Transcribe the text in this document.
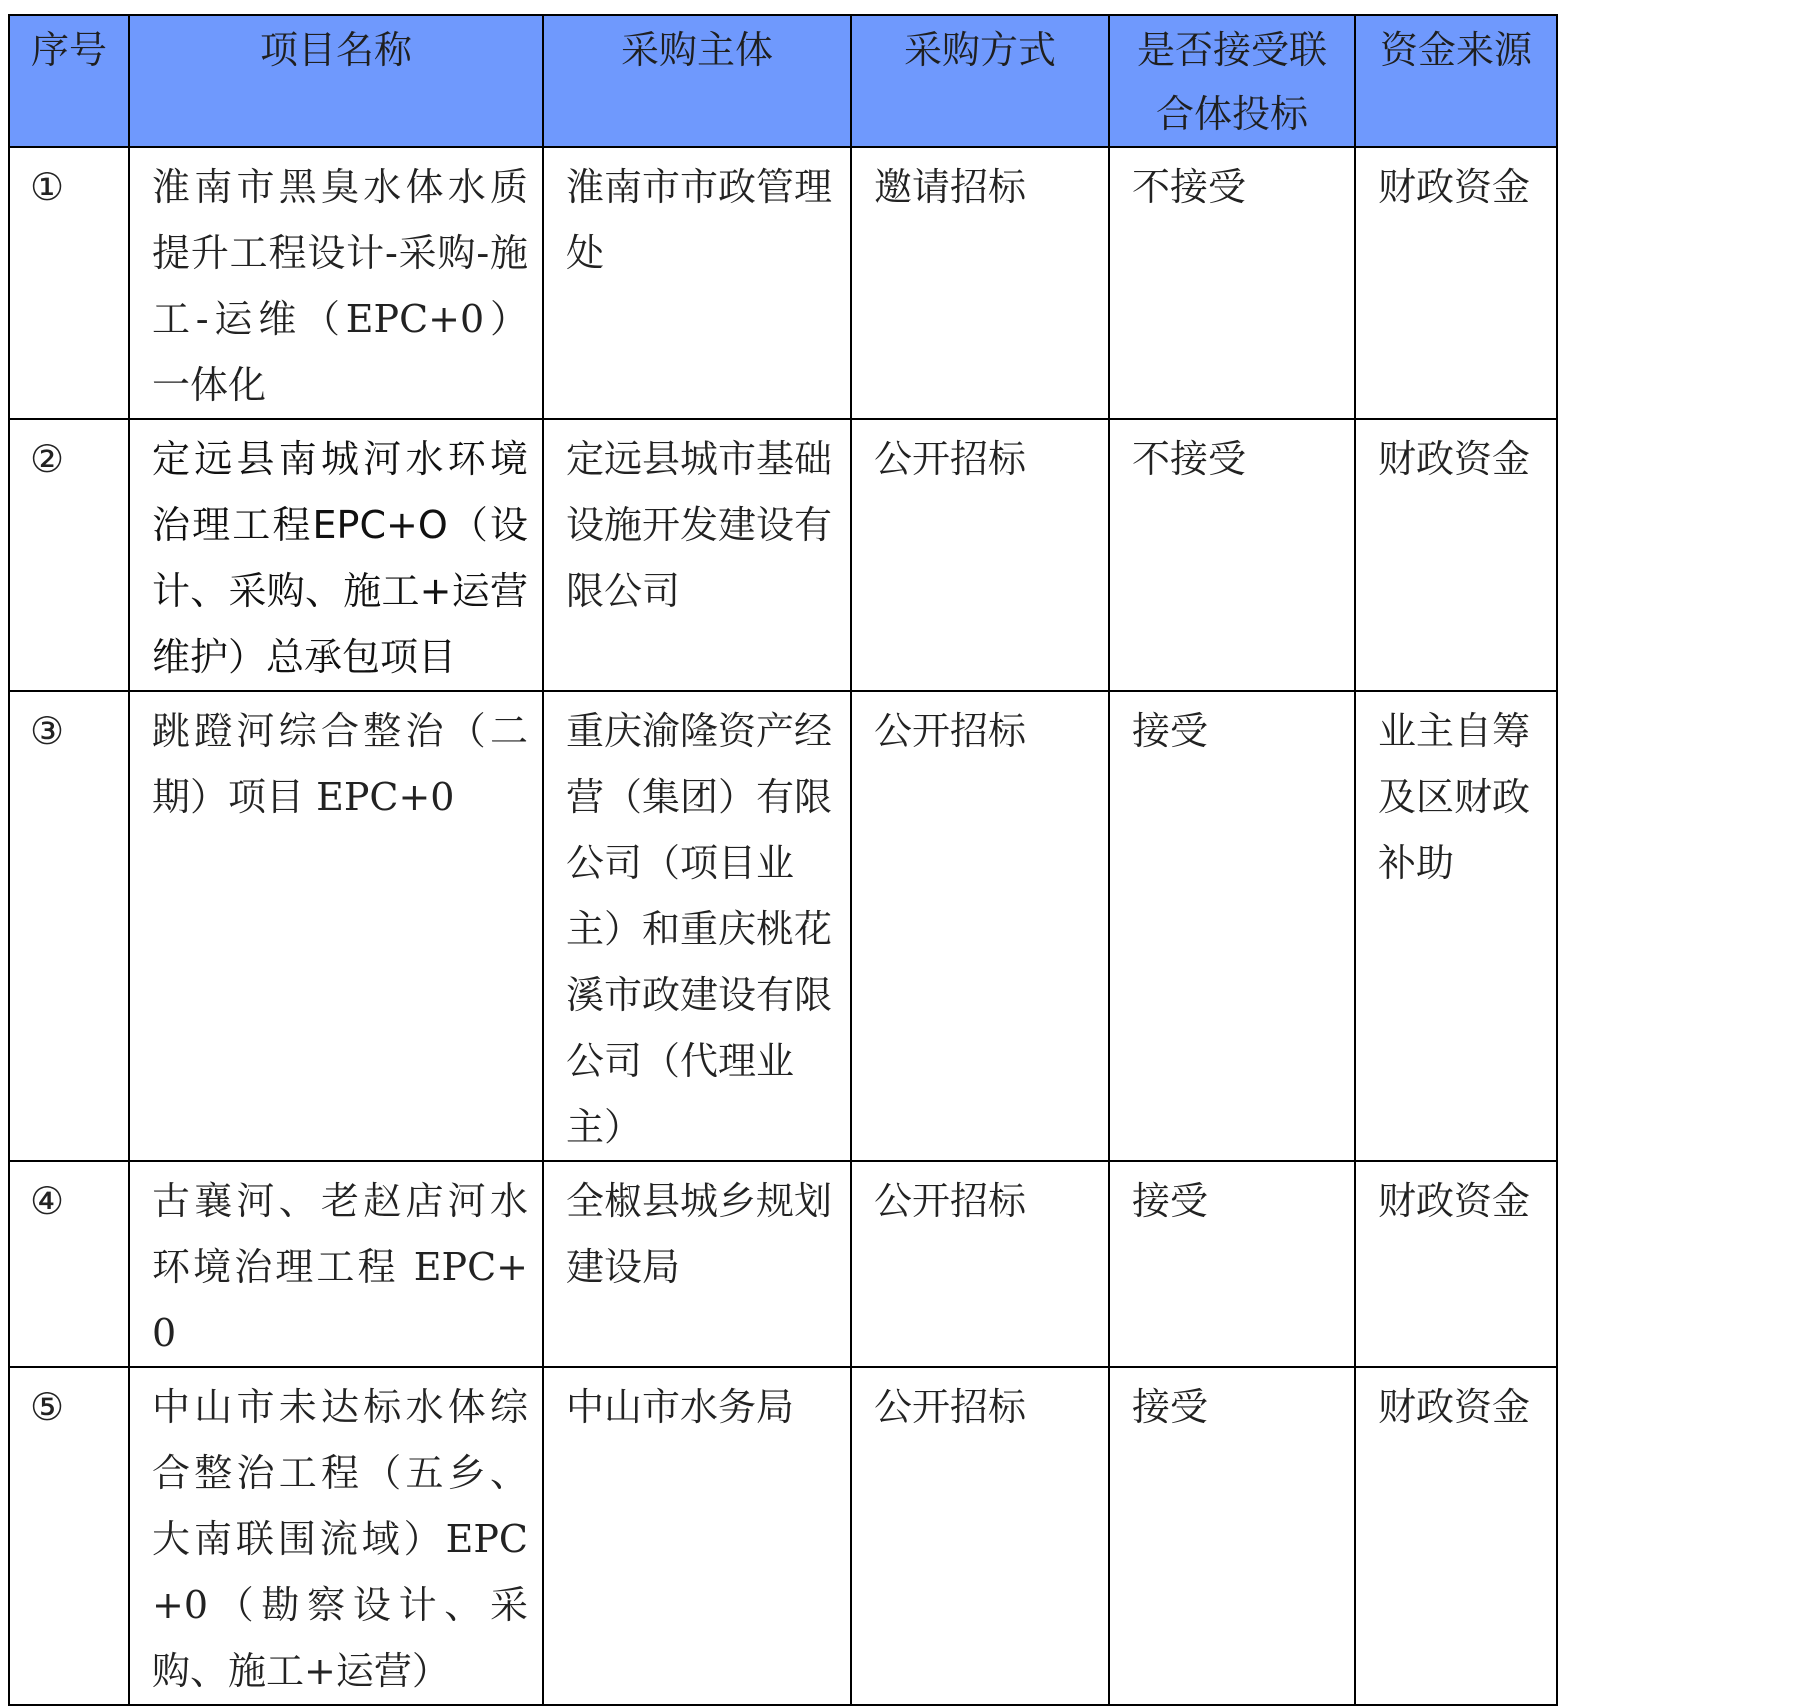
序号	项目名称	采购主体	采购方式	是否接受联合体投标	资金来源

①	淮南市黑臭水体水质提升工程设计-采购-施工-运维（EPC+0）一体化	淮南市市政管理处	邀请招标	不接受	财政资金

②	定远县南城河水环境治理工程EPC+O（设计、采购、施工+运营维护）总承包项目	定远县城市基础设施开发建设有限公司	公开招标	不接受	财政资金

③	跳蹬河综合整治（二期）项目 EPC+0	重庆渝隆资产经营（集团）有限公司（项目业主）和重庆桃花溪市政建设有限公司（代理业主）	公开招标	接受	业主自筹及区财政补助

④	古襄河、老赵店河水环境治理工程 EPC+0	全椒县城乡规划建设局	公开招标	接受	财政资金

⑤	中山市未达标水体综合整治工程（五乡、大南联围流域）EPC+0（勘察设计、采购、施工+运营）	中山市水务局	公开招标	接受	财政资金
